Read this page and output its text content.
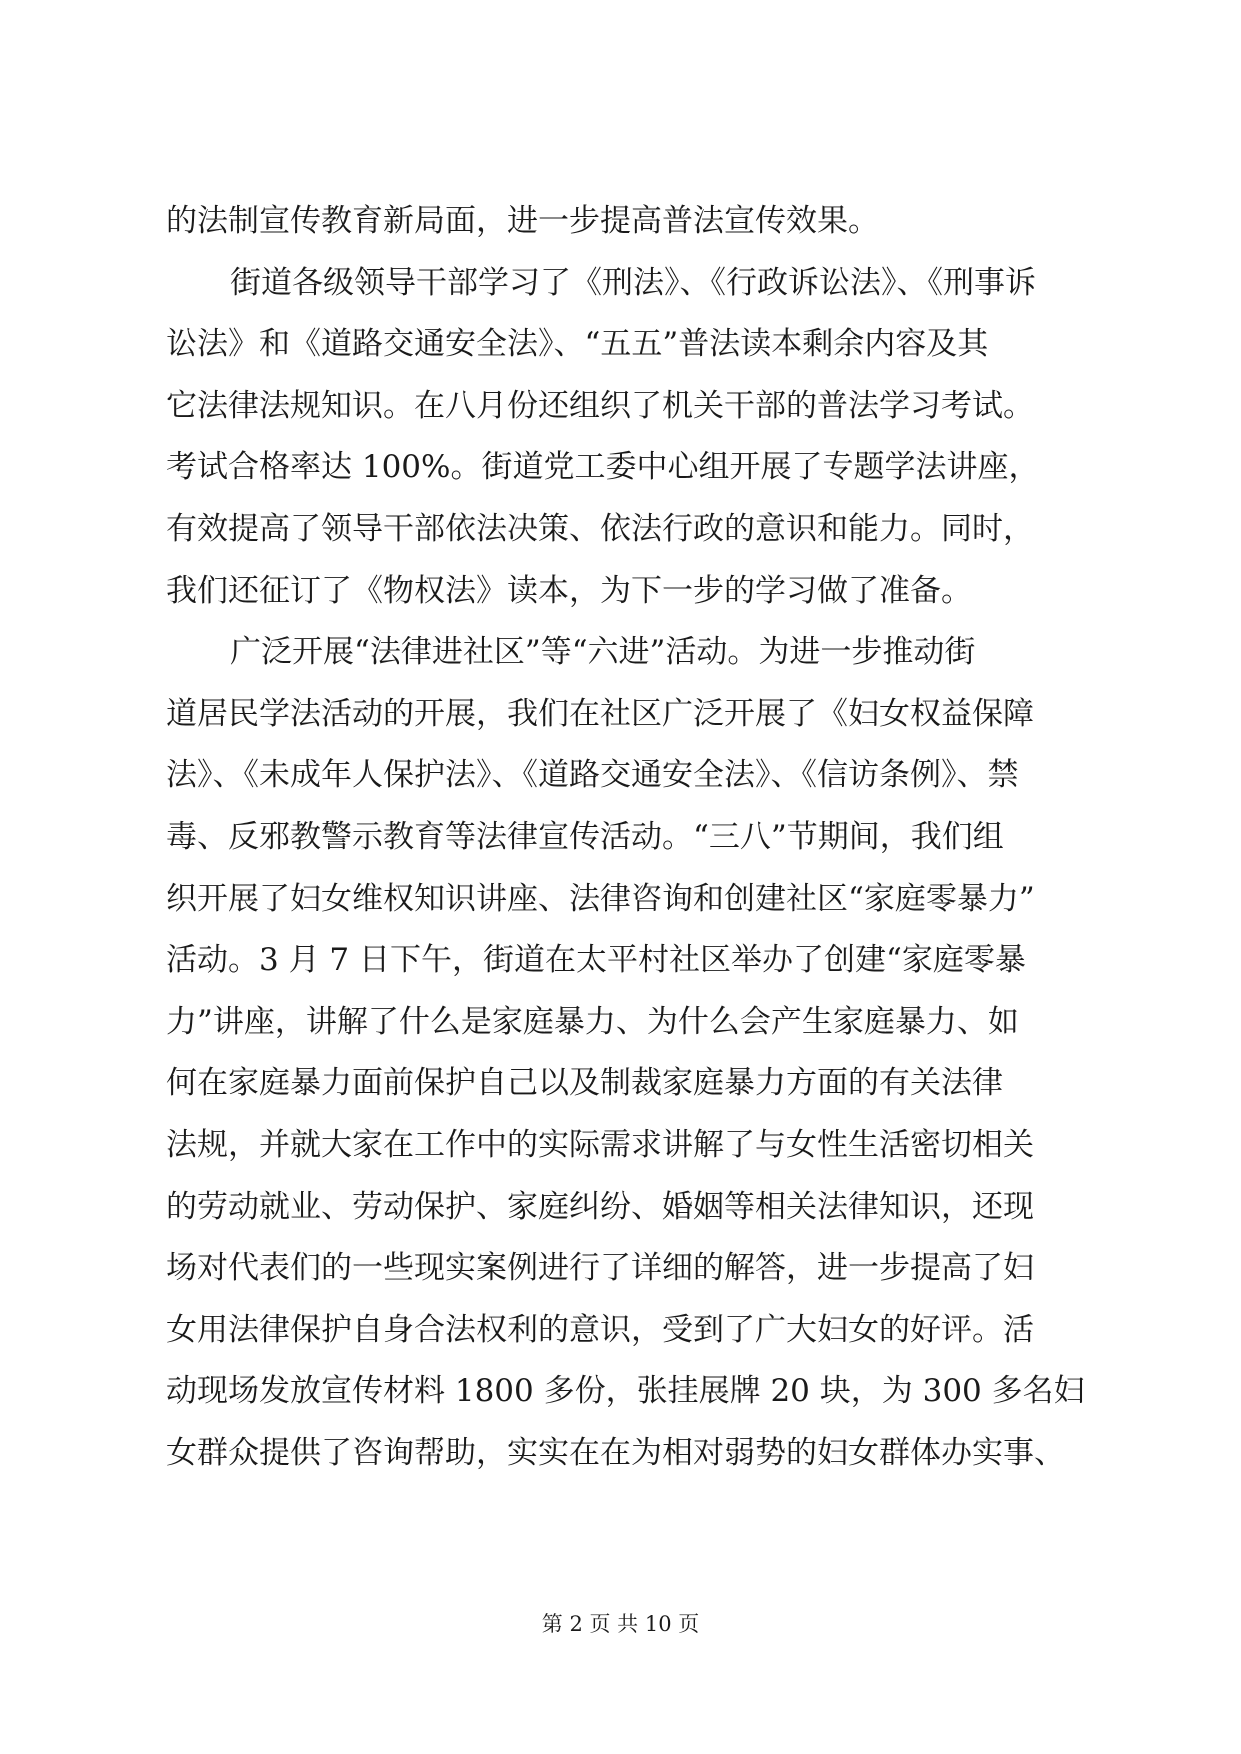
的法制宣传教育新局面，进一步提高普法宣传效果。
街道各级领导干部学习了《刑法》、《行政诉讼法》、《刑事诉
讼法》和《道路交通安全法》、“五五”普法读本剩余内容及其
它法律法规知识。在八月份还组织了机关干部的普法学习考试。
考试合格率达 100%。街道党工委中心组开展了专题学法讲座，
有效提高了领导干部依法决策、依法行政的意识和能力。同时，
我们还征订了《物权法》读本，为下一步的学习做了准备。
广泛开展“法律进社区”等“六进”活动。为进一步推动街
道居民学法活动的开展，我们在社区广泛开展了《妇女权益保障
法》、《未成年人保护法》、《道路交通安全法》、《信访条例》、禁
毒、反邪教警示教育等法律宣传活动。“三八”节期间，我们组
织开展了妇女维权知识讲座、法律咨询和创建社区“家庭零暴力”
活动。3 月 7 日下午，街道在太平村社区举办了创建“家庭零暴
力”讲座，讲解了什么是家庭暴力、为什么会产生家庭暴力、如
何在家庭暴力面前保护自己以及制裁家庭暴力方面的有关法律
法规，并就大家在工作中的实际需求讲解了与女性生活密切相关
的劳动就业、劳动保护、家庭纠纷、婚姻等相关法律知识，还现
场对代表们的一些现实案例进行了详细的解答，进一步提高了妇
女用法律保护自身合法权利的意识，受到了广大妇女的好评。活
动现场发放宣传材料 1800 多份，张挂展牌 20 块，为 300 多名妇
女群众提供了咨询帮助，实实在在为相对弱势的妇女群体办实事、
第 2 页 共 10 页
